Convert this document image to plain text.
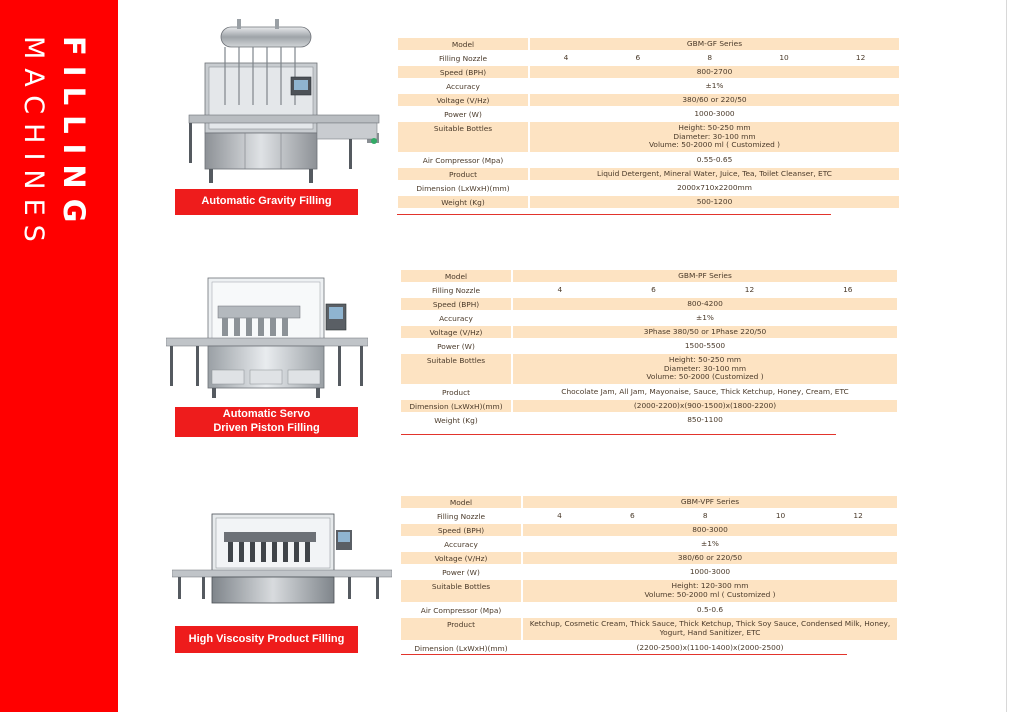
FILLING
MACHINES	Automatic Gravity Filling
Automatic Servo Driven Piston Filling
High Viscosity Product Filling
Model	GBM-GF Series
Filling Nozzle	4	6	8	10	12
Speed (BPH)	800-2700
Accuracy	±1%
Voltage (V/Hz)	380/60 or 220/50
Power (W)	1000-3000
Suitable Bottles	Height: 50-250 mm
Diameter: 30-100 mm
Volume: 50-2000 ml ( Customized )
Air Compressor (Mpa)	0.55-0.65
Product	Liquid Detergent, Mineral Water, Juice, Tea, Toilet Cleanser, ETC
Dimension (LxWxH)(mm)	2000x710x2200mm
Weight (Kg)	500-1200
Model	GBM-PF Series
Filling Nozzle	4	6	12	16
Speed (BPH)	800-4200
Accuracy	±1%
Voltage (V/Hz)	3Phase 380/50 or 1Phase 220/50
Power (W)	1500-5500
Suitable Bottles	Height: 50-250 mm
Diameter: 30-100 mm
Volume: 50-2000 (Customized )
Product	Chocolate Jam, All Jam, Mayonaise, Sauce, Thick Ketchup, Honey, Cream, ETC
Dimension (LxWxH)(mm)	(2000-2200)x(900-1500)x(1800-2200)
Weight (Kg)	850-1100
Model	GBM-VPF Series
Filling Nozzle	4	6	8	10	12
Speed (BPH)	800-3000
Accuracy	±1%
Voltage (V/Hz)	380/60 or 220/50
Power (W)	1000-3000
Suitable Bottles	Height: 120-300 mm
Volume: 50-2000 ml ( Customized )
Air Compressor (Mpa)	0.5-0.6
Product	Ketchup, Cosmetic Cream, Thick Sauce, Thick Ketchup, Thick Soy Sauce, Condensed Milk, Honey,
Yogurt, Hand Sanitizer, ETC
Dimension (LxWxH)(mm)	(2200-2500)x(1100-1400)x(2000-2500)
